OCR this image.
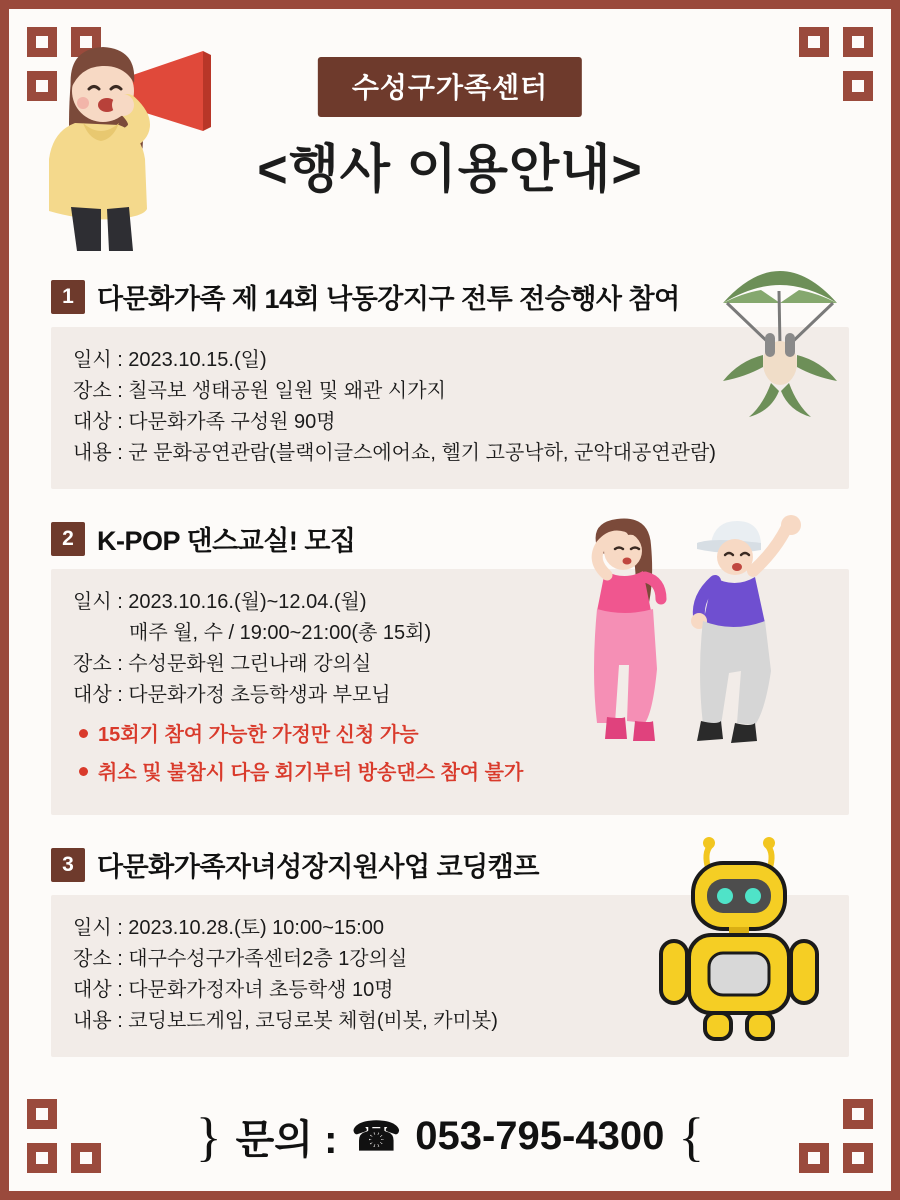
수성구가족센터
<행사 이용안내>
1 다문화가족 제 14회 낙동강지구 전투 전승행사 참여
일시 : 2023.10.15.(일)
장소 : 칠곡보 생태공원 일원 및 왜관 시가지
대상 : 다문화가족 구성원 90명
내용 : 군 문화공연관람(블랙이글스에어쇼, 헬기 고공낙하, 군악대공연관람)
2 K-POP 댄스교실! 모집
일시 : 2023.10.16.(월)~12.04.(월)
매주 월, 수 / 19:00~21:00(총 15회)
장소 : 수성문화원 그린나래 강의실
대상 : 다문화가정 초등학생과 부모님
15회기 참여 가능한 가정만 신청 가능
취소 및 불참시 다음 회기부터 방송댄스 참여 불가
3 다문화가족자녀성장지원사업 코딩캠프
일시 : 2023.10.28.(토) 10:00~15:00
장소 : 대구수성구가족센터2층 1강의실
대상 : 다문화가정자녀 초등학생 10명
내용 : 코딩보드게임, 코딩로봇 체험(비봇, 카미봇)
} 문의 : ☎ 053-795-4300 {
